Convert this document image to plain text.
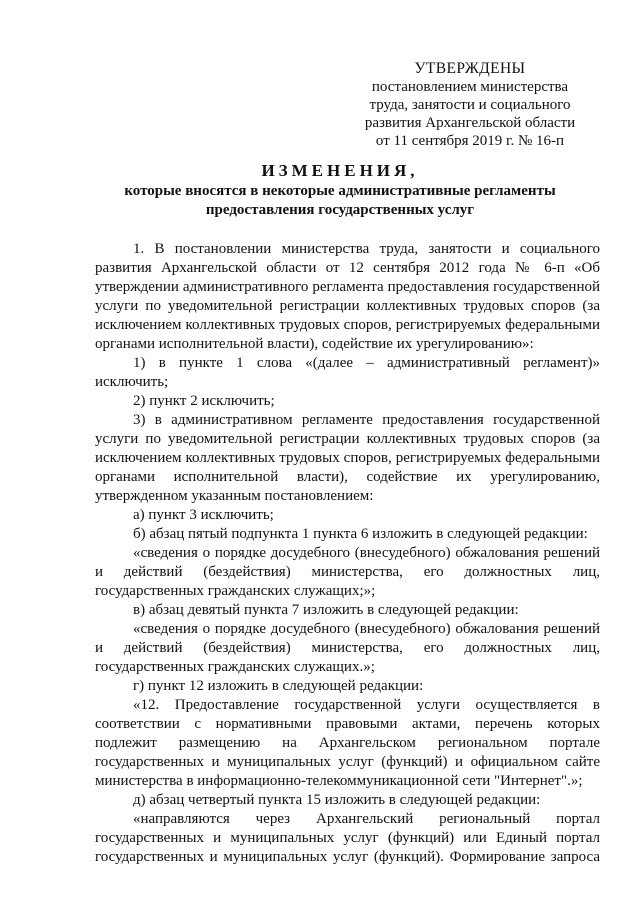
УТВЕРЖДЕНЫ
постановлением министерства
труда, занятости и социального
развития Архангельской области
от 11 сентября 2019 г. № 16-п
ИЗМЕНЕНИЯ,
которые вносятся в некоторые административные регламенты
предоставления государственных услуг

1. В постановлении министерства труда, занятости и социального развития Архангельской области от 12 сентября 2012 года № 6-п «Об утверждении административного регламента предоставления государственной услуги по уведомительной регистрации коллективных трудовых споров (за исключением коллективных трудовых споров, регистрируемых федеральными органами исполнительной власти), содействие их урегулированию»:

1) в пункте 1 слова «(далее – административный регламент)» исключить;

2) пункт 2 исключить;

3) в административном регламенте предоставления государственной услуги по уведомительной регистрации коллективных трудовых споров (за исключением коллективных трудовых споров, регистрируемых федеральными органами исполнительной власти), содействие их урегулированию, утвержденном указанным постановлением:

а) пункт 3 исключить;

б) абзац пятый подпункта 1 пункта 6 изложить в следующей редакции:

«сведения о порядке досудебного (внесудебного) обжалования решений и действий (бездействия) министерства, его должностных лиц, государственных гражданских служащих;»;

в) абзац девятый пункта 7 изложить в следующей редакции:

«сведения о порядке досудебного (внесудебного) обжалования решений и действий (бездействия) министерства, его должностных лиц, государственных гражданских служащих.»;

г) пункт 12 изложить в следующей редакции:

«12. Предоставление государственной услуги осуществляется в соответствии с нормативными правовыми актами, перечень которых подлежит размещению на Архангельском региональном портале государственных и муниципальных услуг (функций) и официальном сайте министерства в информационно-телекоммуникационной сети "Интернет".»;

д) абзац четвертый пункта 15 изложить в следующей редакции:

«направляются через Архангельский региональный портал государственных и муниципальных услуг (функций) или Единый портал государственных и муниципальных услуг (функций). Формирование запроса
